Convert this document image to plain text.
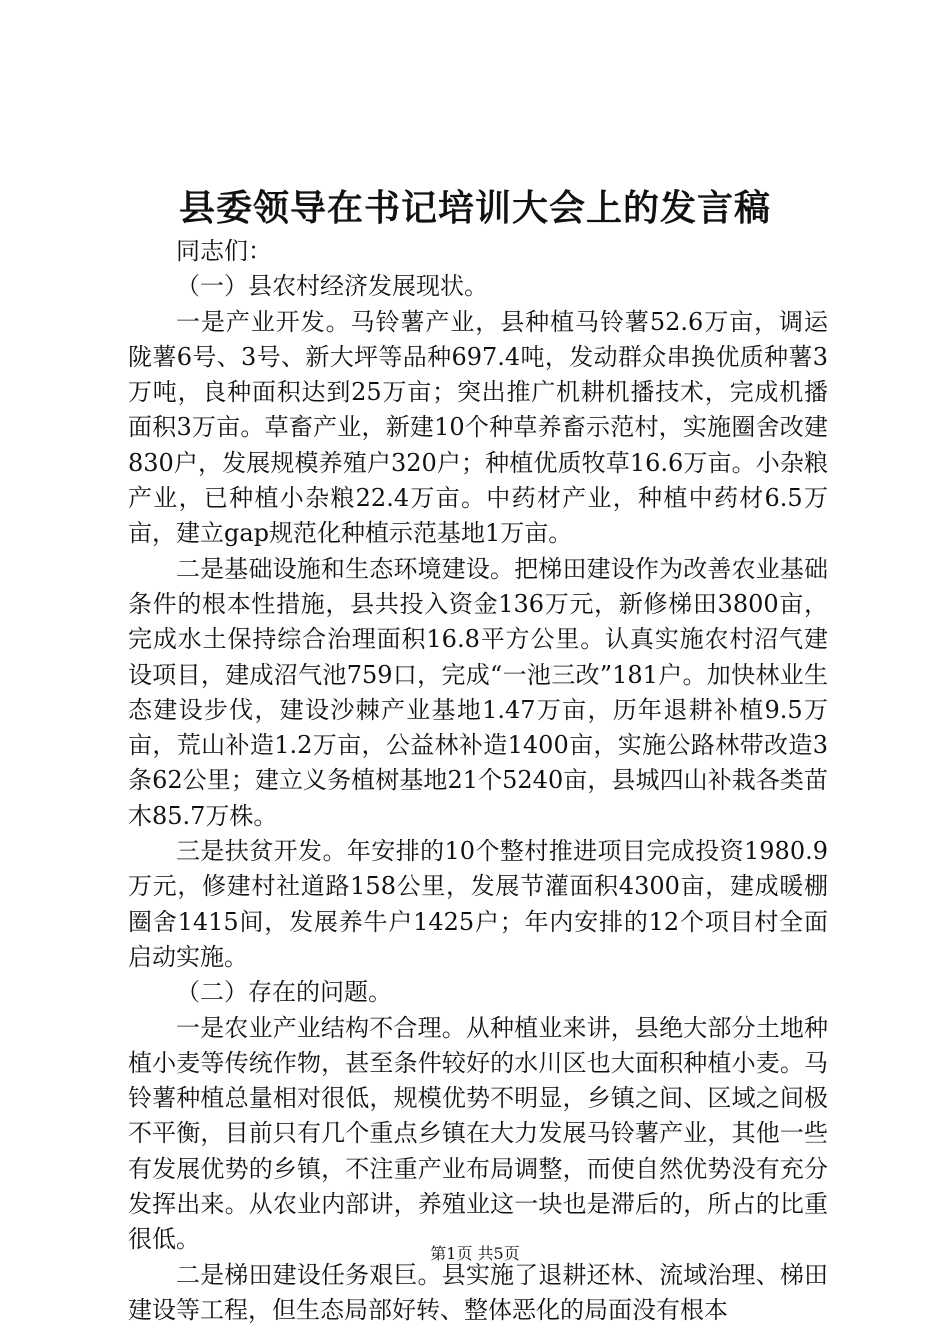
县委领导在书记培训大会上的发言稿

同志们：

（一）县农村经济发展现状。

一是产业开发。马铃薯产业，县种植马铃薯52.6万亩，调运陇薯6号、3号、新大坪等品种697.4吨，发动群众串换优质种薯3万吨，良种面积达到25万亩；突出推广机耕机播技术，完成机播面积3万亩。草畜产业，新建10个种草养畜示范村，实施圈舍改建830户，发展规模养殖户320户；种植优质牧草16.6万亩。小杂粮产业，已种植小杂粮22.4万亩。中药材产业，种植中药材6.5万亩，建立gap规范化种植示范基地1万亩。

二是基础设施和生态环境建设。把梯田建设作为改善农业基础条件的根本性措施，县共投入资金136万元，新修梯田3800亩，完成水土保持综合治理面积16.8平方公里。认真实施农村沼气建设项目，建成沼气池759口，完成“一池三改”181户。加快林业生态建设步伐，建设沙棘产业基地1.47万亩，历年退耕补植9.5万亩，荒山补造1.2万亩，公益林补造1400亩，实施公路林带改造3条62公里；建立义务植树基地21个5240亩，县城四山补栽各类苗木85.7万株。

三是扶贫开发。年安排的10个整村推进项目完成投资1980.9万元，修建村社道路158公里，发展节灌面积4300亩，建成暖棚圈舍1415间，发展养牛户1425户；年内安排的12个项目村全面启动实施。

（二）存在的问题。

一是农业产业结构不合理。从种植业来讲，县绝大部分土地种植小麦等传统作物，甚至条件较好的水川区也大面积种植小麦。马铃薯种植总量相对很低，规模优势不明显，乡镇之间、区域之间极不平衡，目前只有几个重点乡镇在大力发展马铃薯产业，其他一些有发展优势的乡镇，不注重产业布局调整，而使自然优势没有充分发挥出来。从农业内部讲，养殖业这一块也是滞后的，所占的比重很低。

二是梯田建设任务艰巨。县实施了退耕还林、流域治理、梯田建设等工程，但生态局部好转、整体恶化的局面没有根本

第1页 共5页
